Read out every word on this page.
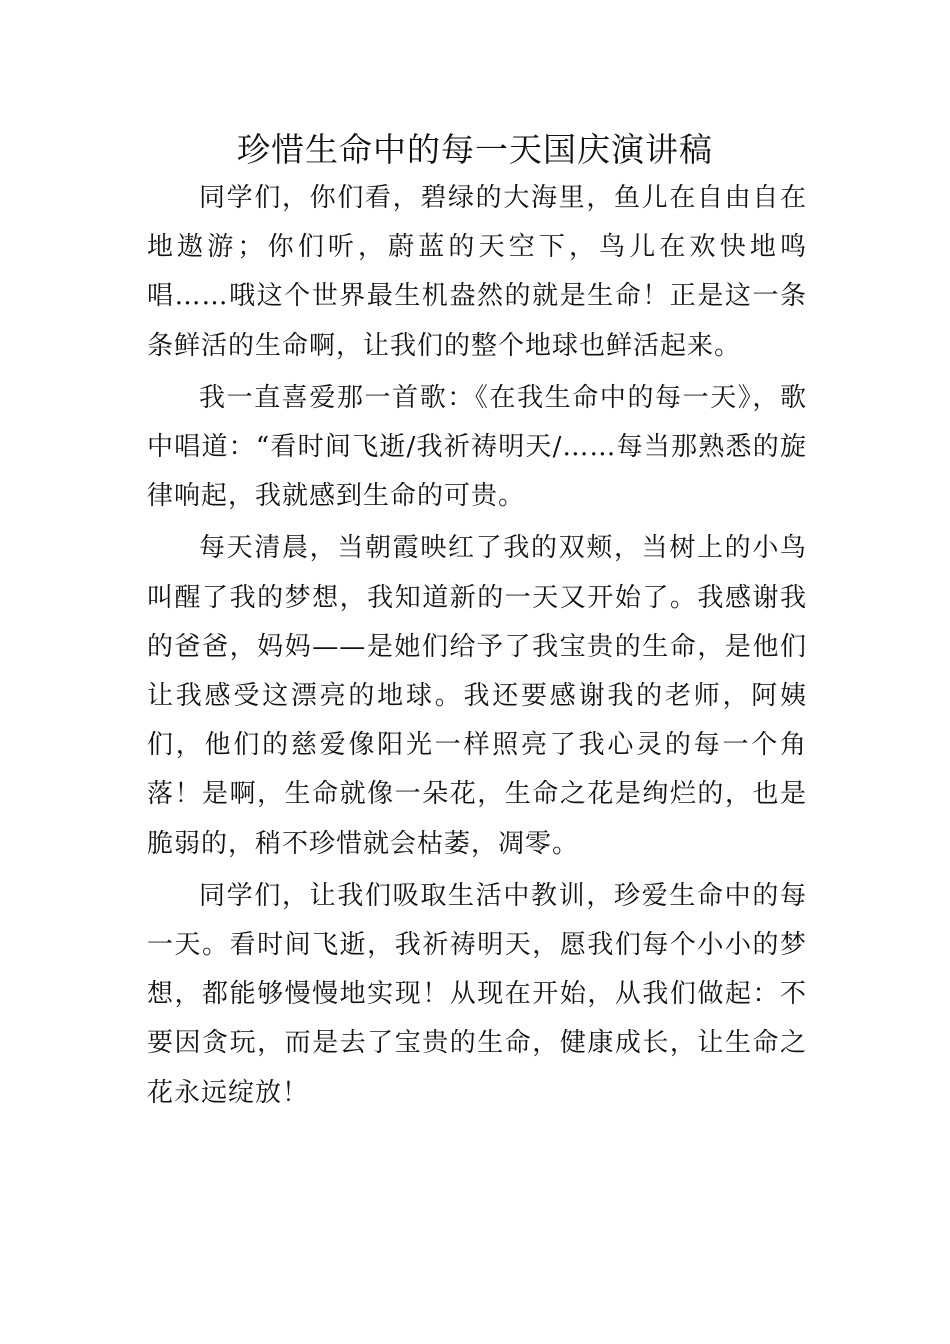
珍惜生命中的每一天国庆演讲稿

同学们，你们看，碧绿的大海里，鱼儿在自由自在地遨游；你们听，蔚蓝的天空下，鸟儿在欢快地鸣唱……哦这个世界最生机盎然的就是生命！正是这一条条鲜活的生命啊，让我们的整个地球也鲜活起来。

我一直喜爱那一首歌：《在我生命中的每一天》，歌中唱道：“看时间飞逝/我祈祷明天/……每当那熟悉的旋律响起，我就感到生命的可贵。

每天清晨，当朝霞映红了我的双颊，当树上的小鸟叫醒了我的梦想，我知道新的一天又开始了。我感谢我的爸爸，妈妈——是她们给予了我宝贵的生命，是他们让我感受这漂亮的地球。我还要感谢我的老师，阿姨们，他们的慈爱像阳光一样照亮了我心灵的每一个角落！是啊，生命就像一朵花，生命之花是绚烂的，也是脆弱的，稍不珍惜就会枯萎，凋零。

同学们，让我们吸取生活中教训，珍爱生命中的每一天。看时间飞逝，我祈祷明天，愿我们每个小小的梦想，都能够慢慢地实现！从现在开始，从我们做起：不要因贪玩，而是去了宝贵的生命，健康成长，让生命之花永远绽放！
